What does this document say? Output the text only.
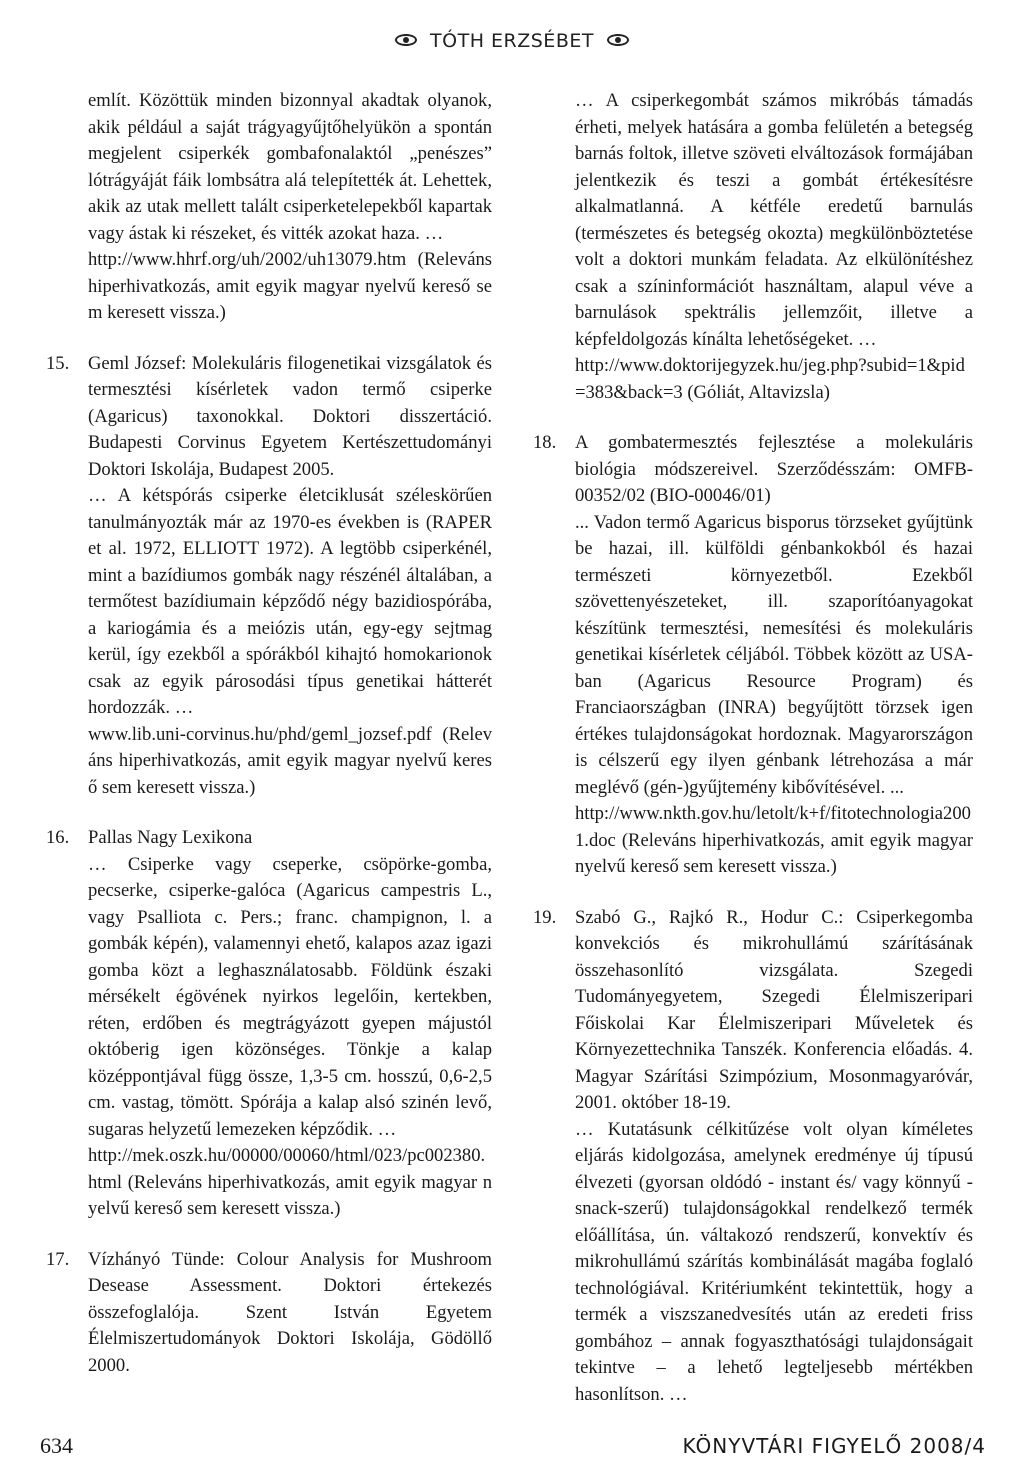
TÓTH ERZSÉBET

említ. Közöttük minden bizonnyal akadtak olyanok, akik például a saját trágyagyűjtőhelyükön a spontán megjelent csiperkék gombafonalaktól „penészes” lótrágyáját fáik lombsátra alá telepítették át. Lehettek, akik az utak mellett talált csiperketelepekből kapartak vagy ástak ki részeket, és vitték azokat haza. …

http://www.hhrf.org/uh/2002/uh13079.htm (Releváns hiperhivatkozás, amit egyik magyar nyelvű kereső sem keresett vissza.)

15. Geml József: Molekuláris filogenetikai vizsgálatok és termesztési kísérletek vadon termő csiperke (Agaricus) taxonokkal. Doktori disszertáció. Budapesti Corvinus Egyetem Kertészettudományi Doktori Iskolája, Budapest 2005.

… A kétspórás csiperke életciklusát széleskörűen tanulmányozták már az 1970-es években is (RAPER et al. 1972, ELLIOTT 1972). A legtöbb csiperkénél, mint a bazídiumos gombák nagy részénél általában, a termőtest bazídiumain képződő négy bazidiospórába, a kariogámia és a meiózis után, egy-egy sejtmag kerül, így ezekből a spórákból kihajtó homokarionok csak az egyik párosodási típus genetikai hátterét hordozzák. …

www.lib.uni-corvinus.hu/phd/geml_jozsef.pdf (Releváns hiperhivatkozás, amit egyik magyar nyelvű kereső sem keresett vissza.)

16. Pallas Nagy Lexikona

… Csiperke vagy cseperke, csöpörke-gomba, pecserke, csiperke-galóca (Agaricus campestris L., vagy Psalliota c. Pers.; franc. champignon, l. a gombák képén), valamennyi ehető, kalapos azaz igazi gomba közt a leghasználatosabb. Földünk északi mérsékelt égövének nyirkos legelőin, kertekben, réten, erdőben és megtrágyázott gyepen májustól októberig igen közönséges. Tönkje a kalap középpontjával függ össze, 1,3-5 cm. hosszú, 0,6-2,5 cm. vastag, tömött. Spórája a kalap alsó szinén levő, sugaras helyzetű lemezeken képződik. …

http://mek.oszk.hu/00000/00060/html/023/pc002380.html (Releváns hiperhivatkozás, amit egyik magyar nyelvű kereső sem keresett vissza.)

17. Vízhányó Tünde: Colour Analysis for Mushroom Desease Assessment. Doktori értekezés összefoglalója. Szent István Egyetem Élelmiszertudományok Doktori Iskolája, Gödöllő 2000.

… A csiperkegombát számos mikróbás támadás érheti, melyek hatására a gomba felületén a betegség barnás foltok, illetve szöveti elváltozások formájában jelentkezik és teszi a gombát értékesítésre alkalmatlanná. A kétféle eredetű barnulás (természetes és betegség okozta) megkülönböztetése volt a doktori munkám feladata. Az elkülönítéshez csak a színinformációt használtam, alapul véve a barnulások spektrális jellemzőit, illetve a képfeldolgozás kínálta lehetőségeket. …

http://www.doktorijegyzek.hu/jeg.php?subid=1&pid=383&back=3 (Góliát, Altavizsla)

18. A gombatermesztés fejlesztése a molekuláris biológia módszereivel. Szerződésszám: OMFB-00352/02 (BIO-00046/01)

... Vadon termő Agaricus bisporus törzseket gyűjtünk be hazai, ill. külföldi génbankokból és hazai természeti környezetből. Ezekből szövettenyészeteket, ill. szaporítóanyagokat készítünk termesztési, nemesítési és molekuláris genetikai kísérletek céljából. Többek között az USA-ban (Agaricus Resource Program) és Franciaországban (INRA) begyűjtött törzsek igen értékes tulajdonságokat hordoznak. Magyarországon is célszerű egy ilyen génbank létrehozása a már meglévő (gén-)gyűjtemény kibővítésével. ...

http://www.nkth.gov.hu/letolt/k+f/fitotechnologia2001.doc (Releváns hiperhivatkozás, amit egyik magyar nyelvű kereső sem keresett vissza.)

19. Szabó G., Rajkó R., Hodur C.: Csiperkegomba konvekciós és mikrohullámú szárításának összehasonlító vizsgálata. Szegedi Tudományegyetem, Szegedi Élelmiszeripari Főiskolai Kar Élelmiszeripari Műveletek és Környezettechnika Tanszék. Konferencia előadás. 4. Magyar Szárítási Szimpózium, Mosonmagyaróvár, 2001. október 18-19.

… Kutatásunk célkitűzése volt olyan kíméletes eljárás kidolgozása, amelynek eredménye új típusú élvezeti (gyorsan oldódó - instant és/ vagy könnyű - snack-szerű) tulajdonságokkal rendelkező termék előállítása, ún. váltakozó rendszerű, konvektív és mikrohullámú szárítás kombinálását magába foglaló technológiával. Kritériumként tekintettük, hogy a termék a viszszanedvesítés után az eredeti friss gombához – annak fogyaszthatósági tulajdonságait tekintve – a lehető legteljesebb mértékben hasonlítson. …

634	KÖNYVTÁRI FIGYELŐ 2008/4
